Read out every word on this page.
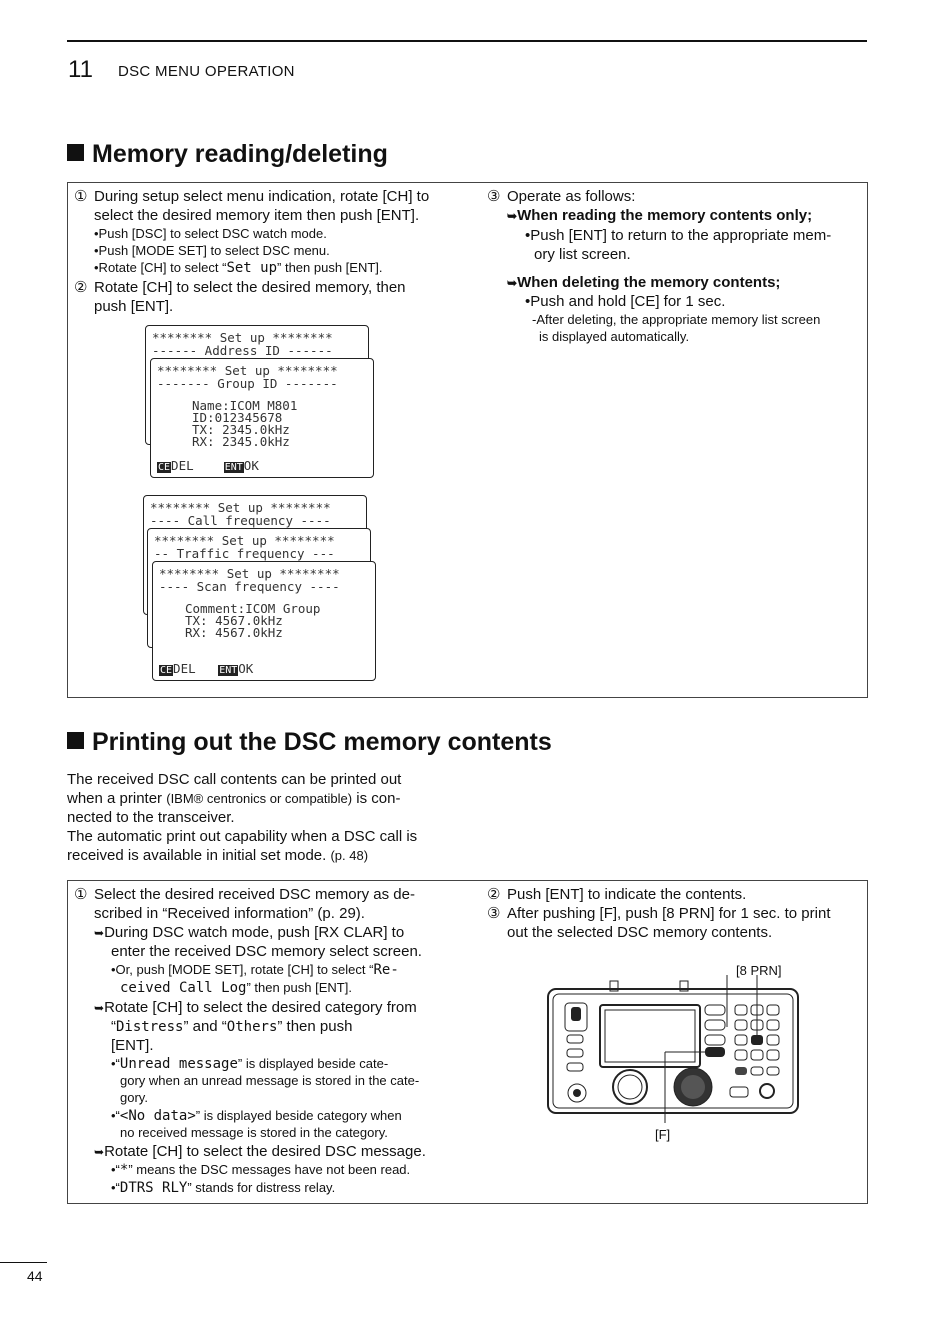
11 DSC MENU OPERATION
Memory reading/deleting
① During setup select menu indication, rotate [CH] to
select the desired memory item then push [ENT].
•Push [DSC] to select DSC watch mode.
•Push [MODE SET] to select DSC menu.
•Rotate [CH] to select “Set up” then push [ENT].
② Rotate [CH] to select the desired memory, then
push [ENT].
③ Operate as follows:
➥When reading the memory contents only;
•Push [ENT] to return to the appropriate mem-
ory list screen.
➥When deleting the memory contents;
•Push and hold [CE] for 1 sec.
-After deleting, the appropriate memory list screen
is displayed automatically.
******** Set up ********
------ Address ID ------
******** Set up ********
------- Group ID -------
Name:ICOM M801
ID:012345678
TX: 2345.0kHz
RX: 2345.0kHz
CEDEL	ENTOK
******** Set up ********
---- Call frequency ----
******** Set up ********
-- Traffic frequency ---
******** Set up ********
---- Scan frequency ----
Comment:ICOM Group
TX: 4567.0kHz
RX: 4567.0kHz
CEDEL ENTOK
Printing out the DSC memory contents
The received DSC call contents can be printed out
when a printer (IBM® centronics or compatible) is con-
nected to the transceiver.
The automatic print out capability when a DSC call is
received is available in initial set mode. (p. 48)
① Select the desired received DSC memory as de-
scribed in “Received information” (p. 29).
➥During DSC watch mode, push [RX CLAR] to
enter the received DSC memory select screen.
•Or, push [MODE SET], rotate [CH] to select “Re-
ceived Call Log” then push [ENT].
➥Rotate [CH] to select the desired category from
“Distress” and “Others” then push
[ENT].
•“Unread message” is displayed beside cate-
gory when an unread message is stored in the cate-
gory.
•“<No data>” is displayed beside category when
no received message is stored in the category.
➥Rotate [CH] to select the desired DSC message.
•“*” means the DSC messages have not been read.
•“DTRS RLY” stands for distress relay.
② Push [ENT] to indicate the contents.
③ After pushing [F], push [8 PRN] for 1 sec. to print
out the selected DSC memory contents.
[8 PRN]
[F]
44
